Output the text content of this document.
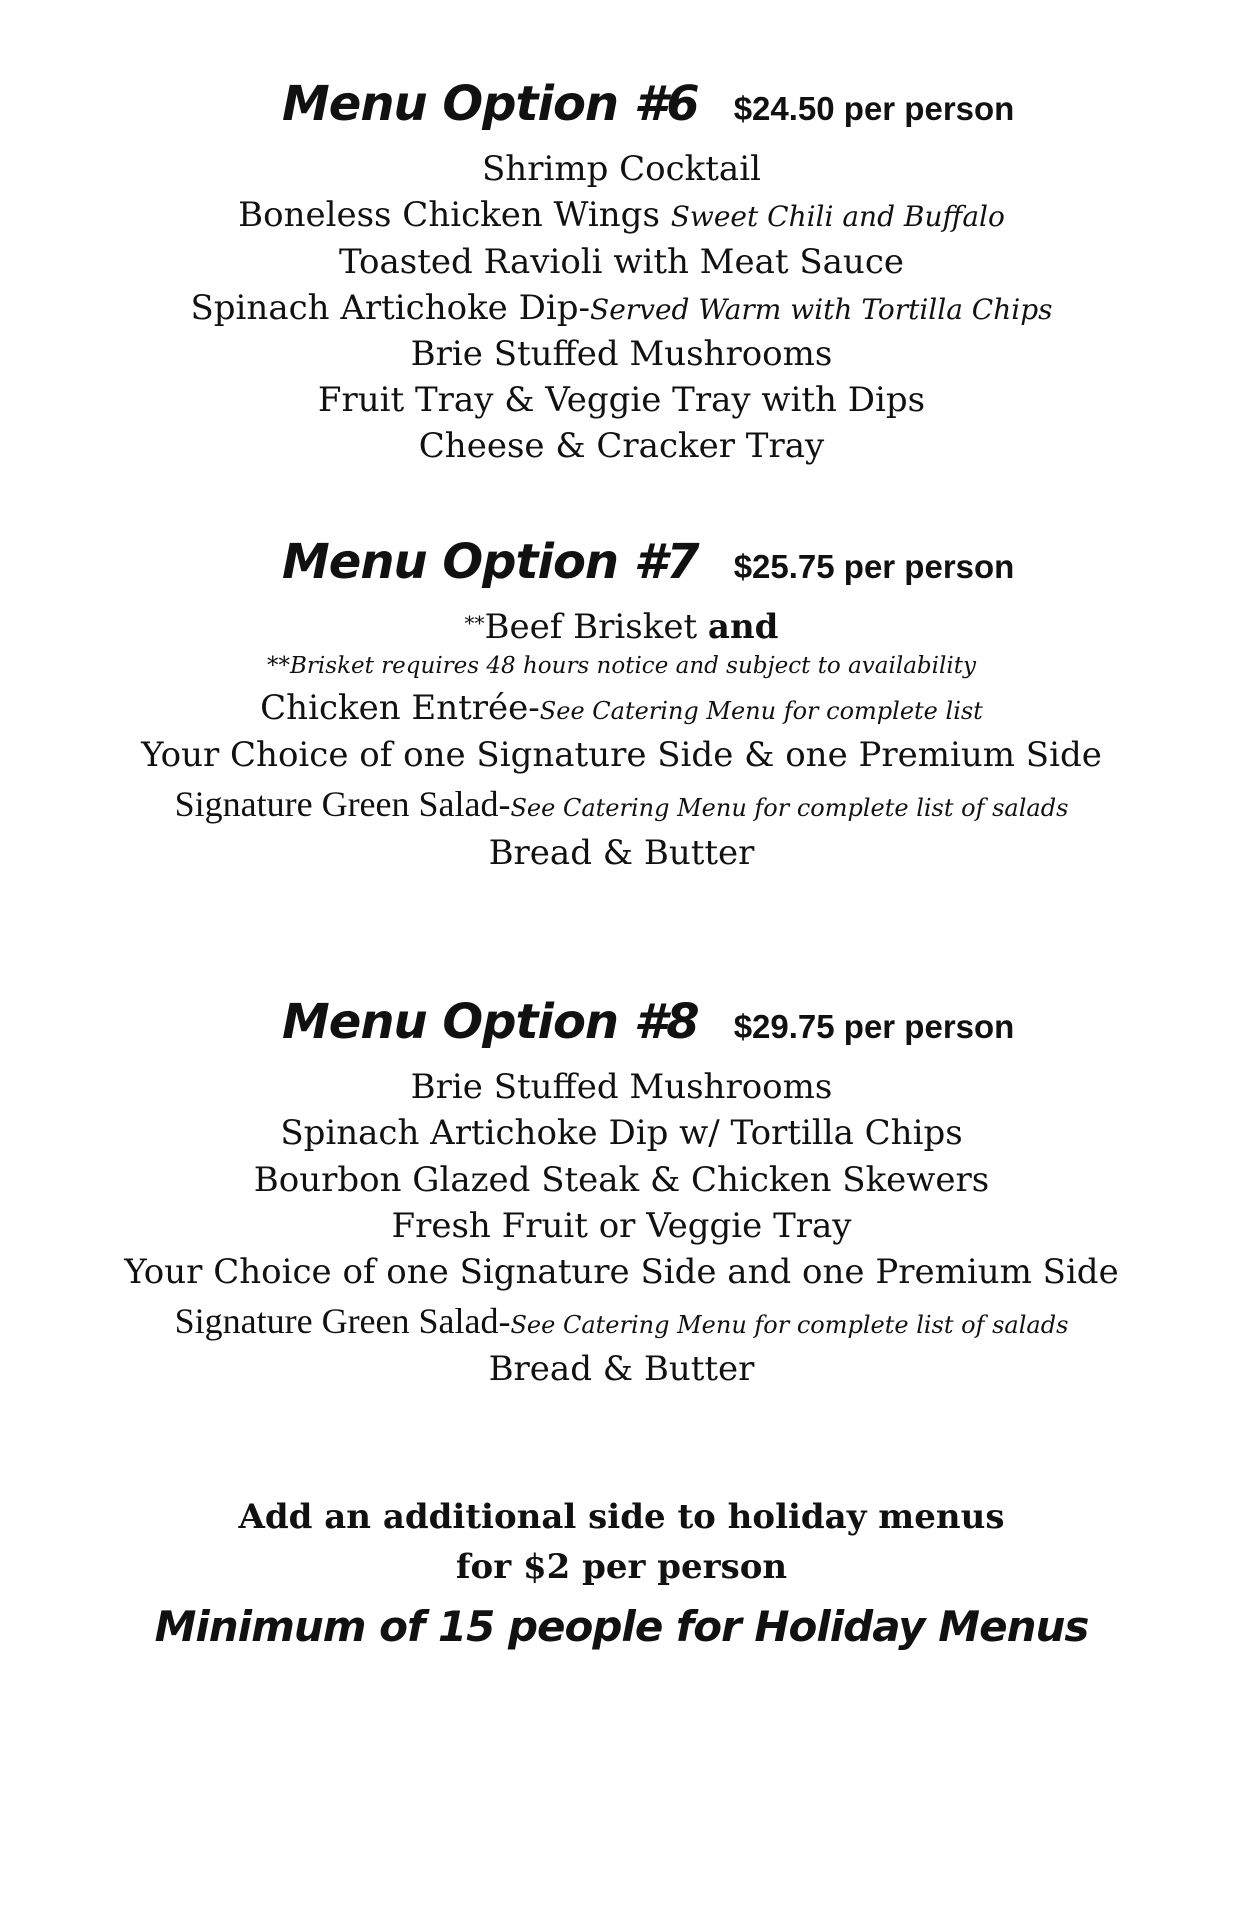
Menu Option #6 $24.50 per person
Shrimp Cocktail
Boneless Chicken Wings Sweet Chili and Buffalo
Toasted Ravioli with Meat Sauce
Spinach Artichoke Dip-Served Warm with Tortilla Chips
Brie Stuffed Mushrooms
Fruit Tray & Veggie Tray with Dips
Cheese & Cracker Tray
Menu Option #7 $25.75 per person
**Beef Brisket and
**Brisket requires 48 hours notice and subject to availability
Chicken Entrée-See Catering Menu for complete list
Your Choice of one Signature Side & one Premium Side
Signature Green Salad-See Catering Menu for complete list of salads
Bread & Butter
Menu Option #8 $29.75 per person
Brie Stuffed Mushrooms
Spinach Artichoke Dip w/ Tortilla Chips
Bourbon Glazed Steak & Chicken Skewers
Fresh Fruit or Veggie Tray
Your Choice of one Signature Side and one Premium Side
Signature Green Salad-See Catering Menu for complete list of salads
Bread & Butter
Add an additional side to holiday menus
for $2 per person
Minimum of 15 people for Holiday Menus
